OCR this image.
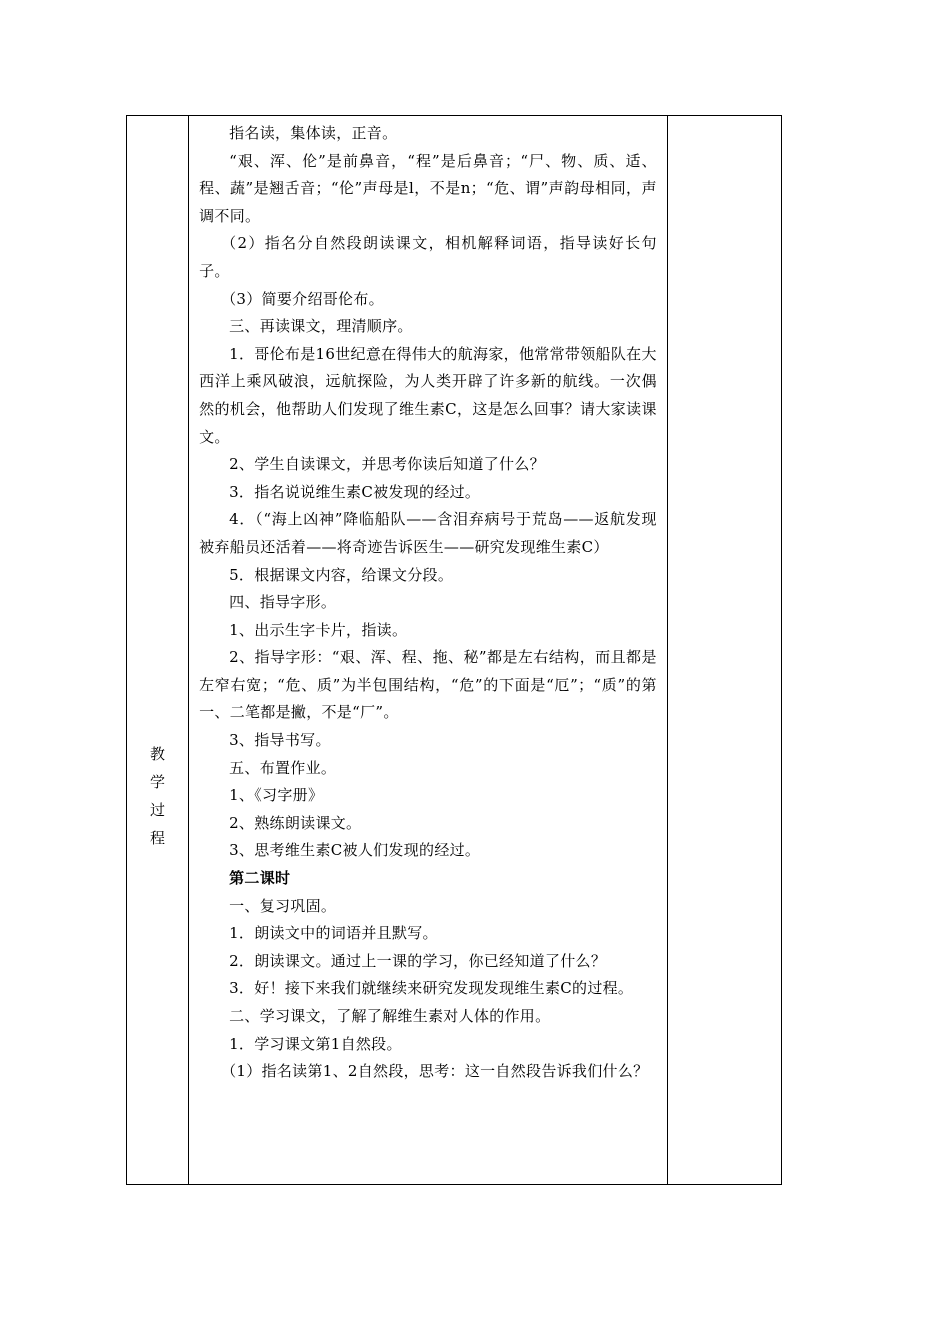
教
学
过
程

指名读，集体读，正音。

“艰、浑、伦”是前鼻音，“程”是后鼻音；“尸、物、质、适、程、蔬”是翘舌音；“伦”声母是l，不是n；“危、谓”声韵母相同，声调不同。

（2）指名分自然段朗读课文，相机解释词语，指导读好长句子。

（3）简要介绍哥伦布。

三、再读课文，理清顺序。

1．哥伦布是16世纪意在得伟大的航海家，他常常带领船队在大西洋上乘风破浪，远航探险，为人类开辟了许多新的航线。一次偶然的机会，他帮助人们发现了维生素C，这是怎么回事？请大家读课文。

2、学生自读课文，并思考你读后知道了什么？

3．指名说说维生素C被发现的经过。

4．（“海上凶神”降临船队——含泪弃病号于荒岛——返航发现被弃船员还活着——将奇迹告诉医生——研究发现维生素C）

5．根据课文内容，给课文分段。

四、指导字形。

1、出示生字卡片，指读。

2、指导字形：“艰、浑、程、拖、秘”都是左右结构，而且都是左窄右宽；“危、质”为半包围结构，“危”的下面是“厄”；“质”的第一、二笔都是撇，不是“厂”。

3、指导书写。

五、布置作业。

1、《习字册》

2、熟练朗读课文。

3、思考维生素C被人们发现的经过。

第二课时

一、复习巩固。

1．朗读文中的词语并且默写。

2．朗读课文。通过上一课的学习，你已经知道了什么？

3．好！接下来我们就继续来研究发现发现维生素C的过程。

二、学习课文，了解了解维生素对人体的作用。

1．学习课文第1自然段。

（1）指名读第1、2自然段，思考：这一自然段告诉我们什么？
